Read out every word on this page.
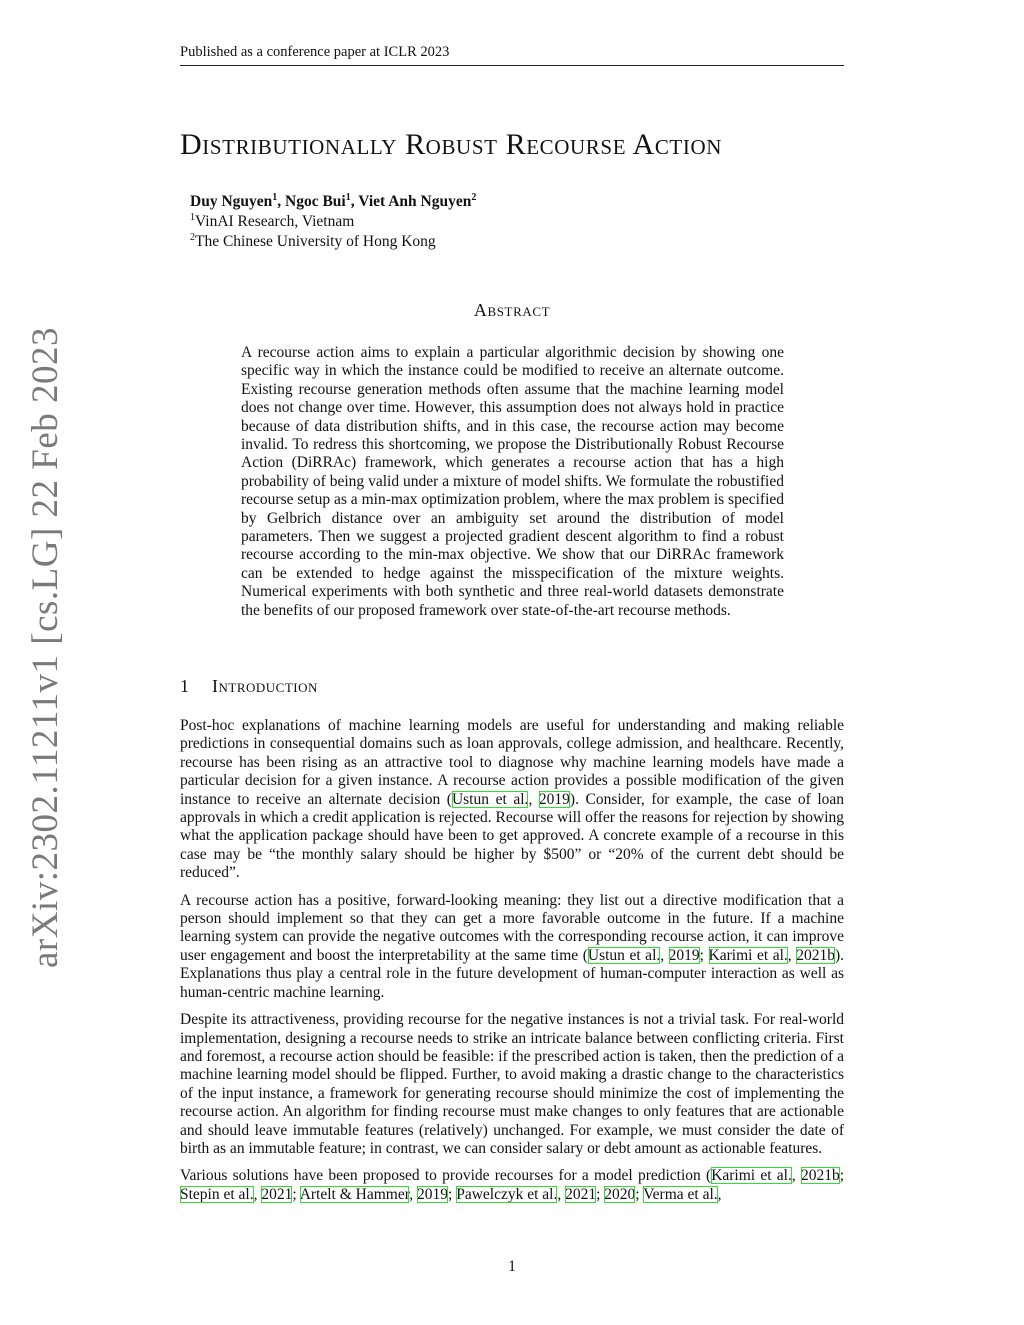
Published as a conference paper at ICLR 2023
arXiv:2302.11211v1 [cs.LG] 22 Feb 2023
Distributionally Robust Recourse Action
Duy Nguyen$^1$, Ngoc Bui$^1$, Viet Anh Nguyen$^2$
$^1$VinAI Research, Vietnam
$^2$The Chinese University of Hong Kong
Abstract
A recourse action aims to explain a particular algorithmic decision by showing one specific way in which the instance could be modified to receive an alternate outcome. Existing recourse generation methods often assume that the machine learning model does not change over time. However, this assumption does not always hold in practice because of data distribution shifts, and in this case, the recourse action may become invalid. To redress this shortcoming, we propose the Distributionally Robust Recourse Action (DiRRAc) framework, which generates a recourse action that has a high probability of being valid under a mixture of model shifts. We formulate the robustified recourse setup as a min-max optimization problem, where the max problem is specified by Gelbrich distance over an ambiguity set around the distribution of model parameters. Then we suggest a projected gradient descent algorithm to find a robust recourse according to the min-max objective. We show that our DiRRAc framework can be extended to hedge against the misspecification of the mixture weights. Numerical experiments with both synthetic and three real-world datasets demonstrate the benefits of our proposed framework over state-of-the-art recourse methods.
1 Introduction

Post-hoc explanations of machine learning models are useful for understanding and making reliable predictions in consequential domains such as loan approvals, college admission, and healthcare. Recently, recourse has been rising as an attractive tool to diagnose why machine learning models have made a particular decision for a given instance. A recourse action provides a possible modification of the given instance to receive an alternate decision (Ustun et al., 2019). Consider, for example, the case of loan approvals in which a credit application is rejected. Recourse will offer the reasons for rejection by showing what the application package should have been to get approved. A concrete example of a recourse in this case may be “the monthly salary should be higher by $500” or “20% of the current debt should be reduced”.

A recourse action has a positive, forward-looking meaning: they list out a directive modification that a person should implement so that they can get a more favorable outcome in the future. If a machine learning system can provide the negative outcomes with the corresponding recourse action, it can improve user engagement and boost the interpretability at the same time (Ustun et al., 2019; Karimi et al., 2021b). Explanations thus play a central role in the future development of human-computer interaction as well as human-centric machine learning.

Despite its attractiveness, providing recourse for the negative instances is not a trivial task. For real-world implementation, designing a recourse needs to strike an intricate balance between conflicting criteria. First and foremost, a recourse action should be feasible: if the prescribed action is taken, then the prediction of a machine learning model should be flipped. Further, to avoid making a drastic change to the characteristics of the input instance, a framework for generating recourse should minimize the cost of implementing the recourse action. An algorithm for finding recourse must make changes to only features that are actionable and should leave immutable features (relatively) unchanged. For example, we must consider the date of birth as an immutable feature; in contrast, we can consider salary or debt amount as actionable features.

Various solutions have been proposed to provide recourses for a model prediction (Karimi et al., 2021b; Stepin et al., 2021; Artelt & Hammer, 2019; Pawelczyk et al., 2021; 2020; Verma et al.,

1
